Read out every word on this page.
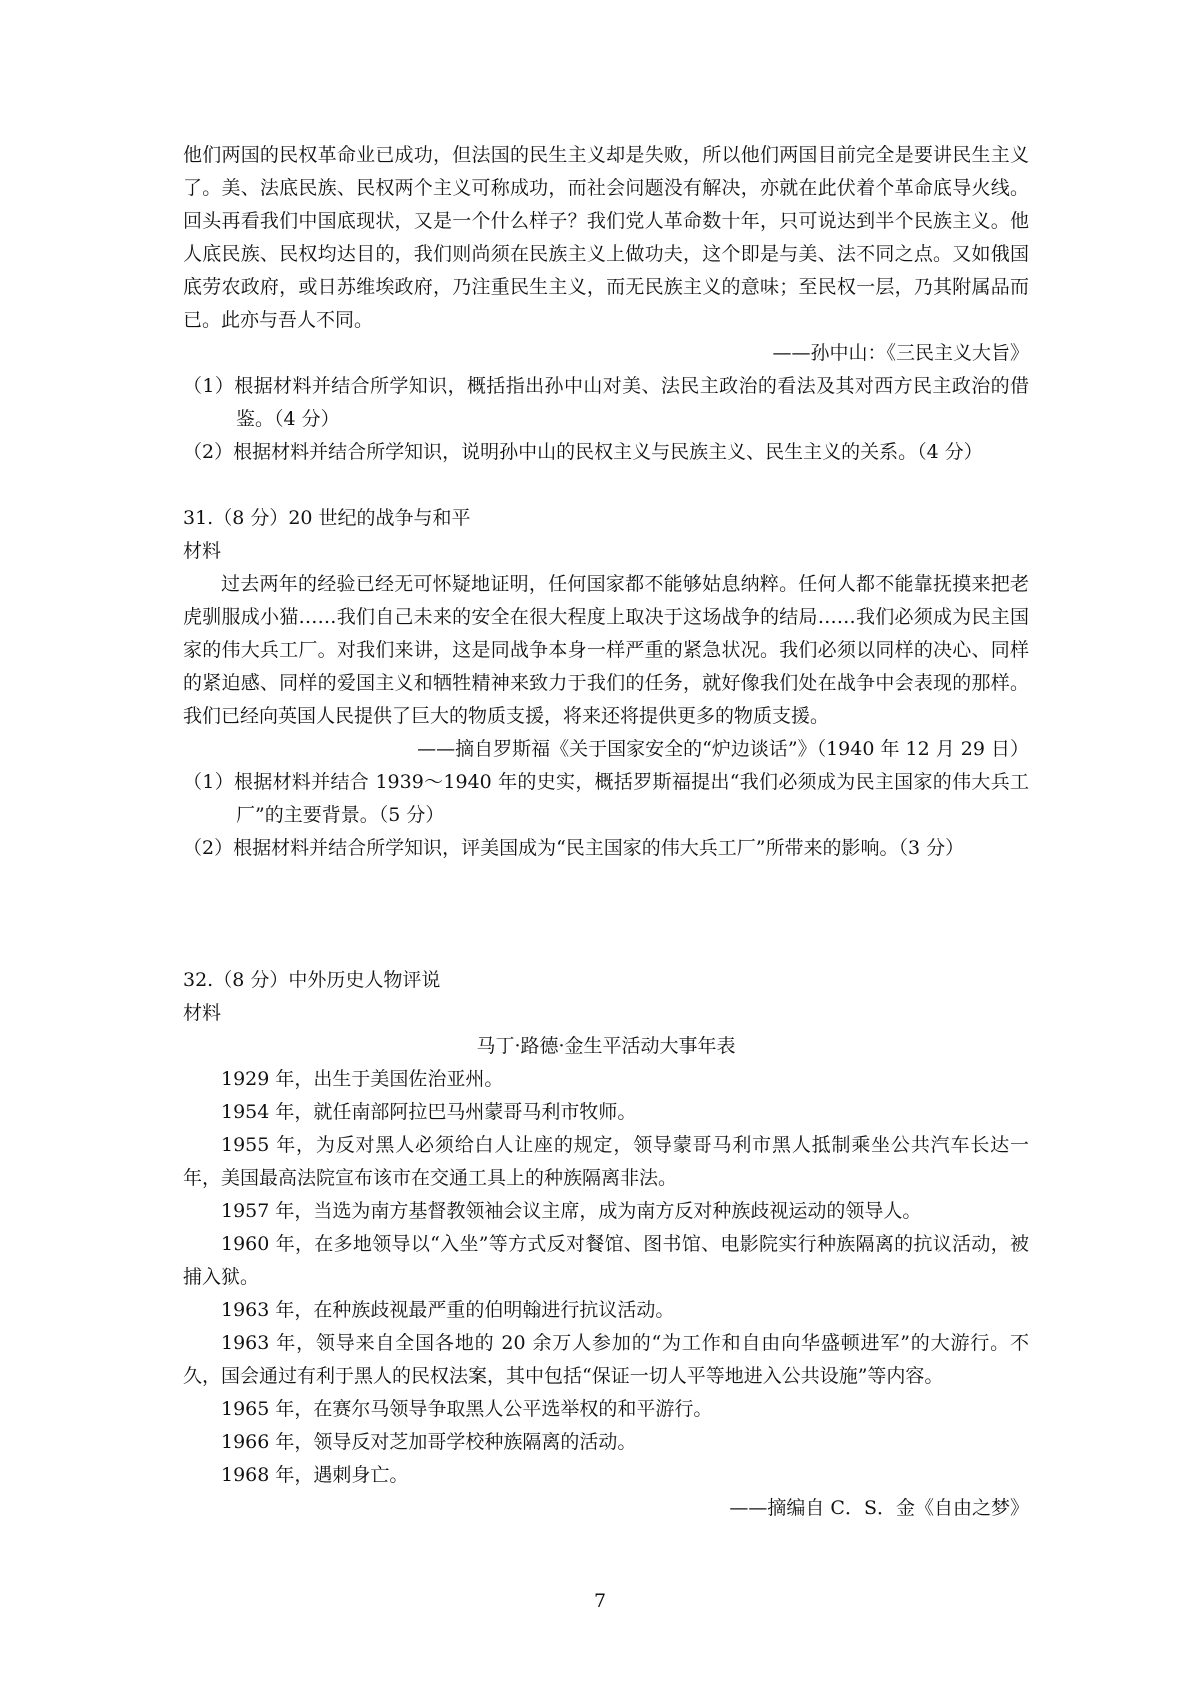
他们两国的民权革命业已成功，但法国的民生主义却是失败，所以他们两国目前完全是要讲民生主义了。美、法底民族、民权两个主义可称成功，而社会问题没有解决，亦就在此伏着个革命底导火线。回头再看我们中国底现状，又是一个什么样子？我们党人革命数十年，只可说达到半个民族主义。他人底民族、民权均达目的，我们则尚须在民族主义上做功夫，这个即是与美、法不同之点。又如俄国底劳农政府，或日苏维埃政府，乃注重民生主义，而无民族主义的意味；至民权一层，乃其附属品而已。此亦与吾人不同。

——孙中山：《三民主义大旨》

（1）根据材料并结合所学知识，概括指出孙中山对美、法民主政治的看法及其对西方民主政治的借鉴。（4 分）

（2）根据材料并结合所学知识，说明孙中山的民权主义与民族主义、民生主义的关系。（4 分）

31.（8 分）20 世纪的战争与和平

材料

过去两年的经验已经无可怀疑地证明，任何国家都不能够姑息纳粹。任何人都不能靠抚摸来把老虎驯服成小猫……我们自己未来的安全在很大程度上取决于这场战争的结局……我们必须成为民主国家的伟大兵工厂。对我们来讲，这是同战争本身一样严重的紧急状况。我们必须以同样的决心、同样的紧迫感、同样的爱国主义和牺牲精神来致力于我们的任务，就好像我们处在战争中会表现的那样。我们已经向英国人民提供了巨大的物质支援，将来还将提供更多的物质支援。

——摘自罗斯福《关于国家安全的“炉边谈话”》（1940 年 12 月 29 日）

（1）根据材料并结合 1939～1940 年的史实，概括罗斯福提出“我们必须成为民主国家的伟大兵工厂”的主要背景。（5 分）

（2）根据材料并结合所学知识，评美国成为“民主国家的伟大兵工厂”所带来的影响。（3 分）

32.（8 分）中外历史人物评说

材料

马丁·路德·金生平活动大事年表

1929 年，出生于美国佐治亚州。

1954 年，就任南部阿拉巴马州蒙哥马利市牧师。

1955 年，为反对黑人必须给白人让座的规定，领导蒙哥马利市黑人抵制乘坐公共汽车长达一年，美国最高法院宣布该市在交通工具上的种族隔离非法。

1957 年，当选为南方基督教领袖会议主席，成为南方反对种族歧视运动的领导人。

1960 年，在多地领导以“入坐”等方式反对餐馆、图书馆、电影院实行种族隔离的抗议活动，被捕入狱。

1963 年，在种族歧视最严重的伯明翰进行抗议活动。

1963 年，领导来自全国各地的 20 余万人参加的“为工作和自由向华盛顿进军”的大游行。不久，国会通过有利于黑人的民权法案，其中包括“保证一切人平等地进入公共设施”等内容。

1965 年，在赛尔马领导争取黑人公平选举权的和平游行。

1966 年，领导反对芝加哥学校种族隔离的活动。

1968 年，遇刺身亡。

——摘编自 C．S．金《自由之梦》

7
